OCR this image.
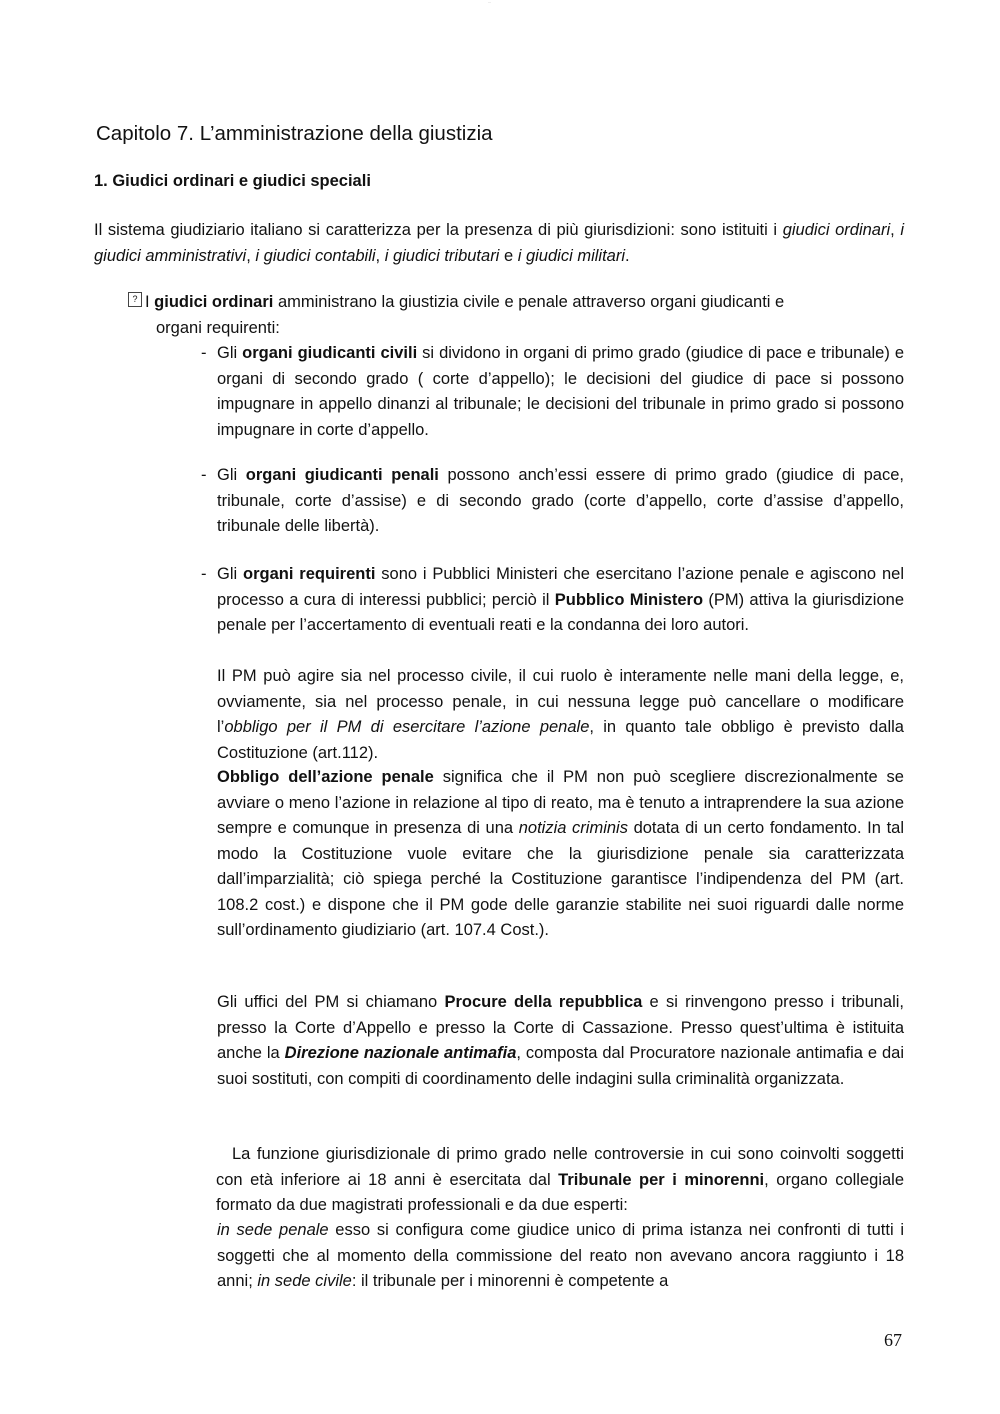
—
Capitolo 7. L’amministrazione della giustizia
1. Giudici ordinari e giudici speciali
Il sistema giudiziario italiano si caratterizza per la presenza di più giurisdizioni: sono istituiti i giudici ordinari, i giudici amministrativi, i giudici contabili, i giudici tributari e i giudici militari.
? I giudici ordinari amministrano la giustizia civile e penale attraverso organi giudicanti e
organi requirenti:
- Gli organi giudicanti civili si dividono in organi di primo grado (giudice di pace e tribunale) e organi di secondo grado ( corte d’appello); le decisioni del giudice di pace si possono impugnare in appello dinanzi al tribunale; le decisioni del tribunale in primo grado si possono impugnare in corte d’appello.
- Gli organi giudicanti penali possono anch’essi essere di primo grado (giudice di pace, tribunale, corte d’assise) e di secondo grado (corte d’appello, corte d’assise d’appello, tribunale delle libertà).
- Gli organi requirenti sono i Pubblici Ministeri che esercitano l’azione penale e agiscono nel processo a cura di interessi pubblici; perciò il Pubblico Ministero (PM) attiva la giurisdizione penale per l’accertamento di eventuali reati e la condanna dei loro autori.
Il PM può agire sia nel processo civile, il cui ruolo è interamente nelle mani della legge, e, ovviamente, sia nel processo penale, in cui nessuna legge può cancellare o modificare l’obbligo per il PM di esercitare l’azione penale, in quanto tale obbligo è previsto dalla Costituzione (art.112).
Obbligo dell’azione penale significa che il PM non può scegliere discrezionalmente se avviare o meno l’azione in relazione al tipo di reato, ma è tenuto a intraprendere la sua azione sempre e comunque in presenza di una notizia criminis dotata di un certo fondamento. In tal modo la Costituzione vuole evitare che la giurisdizione penale sia caratterizzata dall’imparzialità; ciò spiega perché la Costituzione garantisce l’indipendenza del PM (art. 108.2 cost.) e dispone che il PM gode delle garanzie stabilite nei suoi riguardi dalle norme sull’ordinamento giudiziario (art. 107.4 Cost.).
Gli uffici del PM si chiamano Procure della repubblica e si rinvengono presso i tribunali, presso la Corte d’Appello e presso la Corte di Cassazione. Presso quest’ultima è istituita anche la Direzione nazionale antimafia, composta dal Procuratore nazionale antimafia e dai suoi sostituti, con compiti di coordinamento delle indagini sulla criminalità organizzata.
La funzione giurisdizionale di primo grado nelle controversie in cui sono coinvolti soggetti con età inferiore ai 18 anni è esercitata dal Tribunale per i minorenni, organo collegiale formato da due magistrati professionali e da due esperti:
in sede penale esso si configura come giudice unico di prima istanza nei confronti di tutti i soggetti che al momento della commissione del reato non avevano ancora raggiunto i 18 anni; in sede civile: il tribunale per i minorenni è competente a
67
